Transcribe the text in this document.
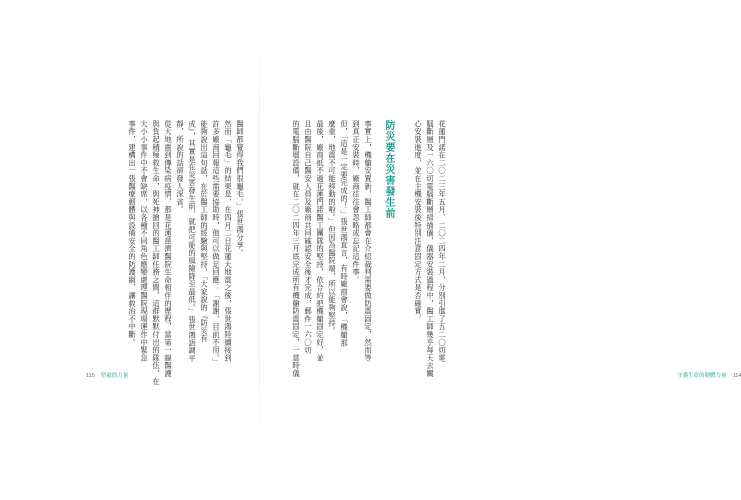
醫師都覺得我們很龜毛。」張世鴻分享。
然而「龜毛」的結果是，在四月二日花蓮大地震之後，張世鴻陸續接到
許多廠商回報這些需要協助時，他可以做足回應：「謝謝，目前不用。」
能夠說出這句話，在於醫工師的經驗與堅持，「大家說的『防災有
成』，其實是在災害發生前，就把可能的風險降至最低。」張世鴻語調平
靜，所說的話卻發人深省。
從大地震到傳染病疫情，都是花蓮慈濟醫院生命相伴的歷程，當第一線醫護
與負起積極救生命，與死神搶回的醫工師任務之間，這群默默付出的隊伍，在
大小小事件中不會缺席，以各種不同角色應變處理醫院現場運作中緊急
事件，建構出一張醫療韌體與設備安全的防護網，讓救治不中斷。
115 堅毅的力量
花蓮門諾在二〇二三年五月、二〇二四年二月，分別引進了五二〇切電
腦斷層及一六〇切電腦斷層掃描儀，儀器安裝過程中，醫工師幾乎每天去關
心安裝進度，並在主機安裝後特別注意固定方式是否確實。
防災要在災害發生前
事實上，機艙安置新，醫工師都會在介紹裁判需要做防震固定，然而等
到真正安裝時，廠商往往會忽略或忘記這件事。
但，「這是一定要完成的！」張世鴻直言，有時廠商會說，「機艙那
麼重，地震不可能移動的啦。」但因為醫院端，所以能夠堅持。
最後，廠商抵不過花蓮門諾醫工團隊的堅持，依合約把機艙固定好，並
且由醫院自己醫安人員及廠商共同確認安全後才完成，郵件一六〇切
的電腦斷層設備，就在二〇二四年三月底完成所有機艙防震固定，一當時儀	守護生命的韌體力量 114
